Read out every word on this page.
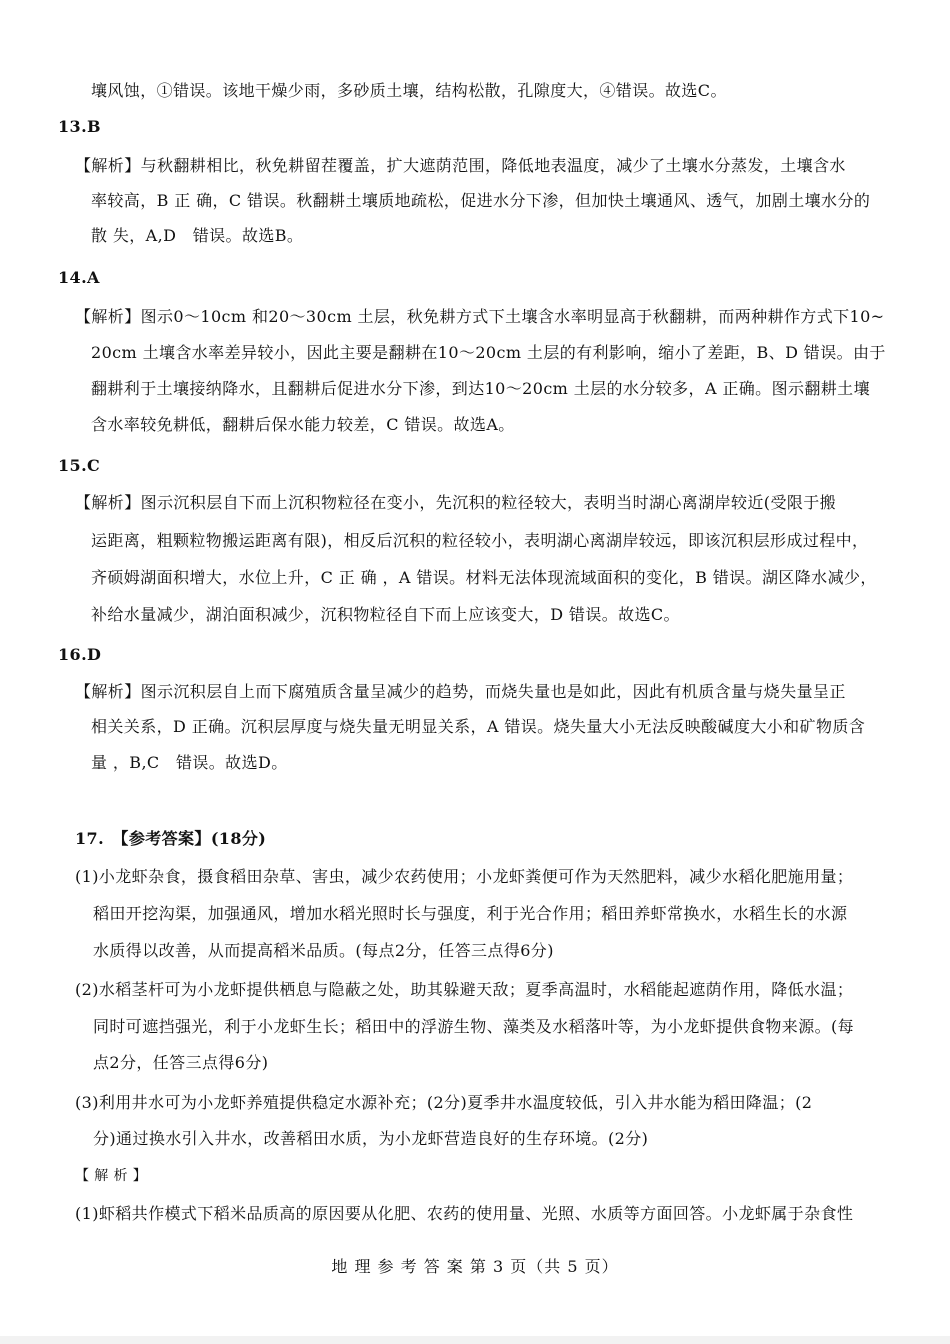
壤风蚀，①错误。该地干燥少雨，多砂质土壤，结构松散，孔隙度大，④错误。故选C。
13.B
【解析】与秋翻耕相比，秋免耕留茬覆盖，扩大遮荫范围，降低地表温度，减少了土壤水分蒸发，土壤含水
率较高，B 正 确，C 错误。秋翻耕土壤质地疏松，促进水分下渗，但加快土壤通风、透气，加剧土壤水分的
散 失，A,D　错误。故选B。
14.A
【解析】图示0～10cm 和20～30cm 土层，秋免耕方式下土壤含水率明显高于秋翻耕，而两种耕作方式下10~
20cm 土壤含水率差异较小，因此主要是翻耕在10～20cm 土层的有利影响，缩小了差距，B、D 错误。由于
翻耕利于土壤接纳降水，且翻耕后促进水分下渗，到达10～20cm 土层的水分较多，A 正确。图示翻耕土壤
含水率较免耕低，翻耕后保水能力较差，C 错误。故选A。
15.C
【解析】图示沉积层自下而上沉积物粒径在变小，先沉积的粒径较大，表明当时湖心离湖岸较近(受限于搬
运距离，粗颗粒物搬运距离有限)，相反后沉积的粒径较小，表明湖心离湖岸较远，即该沉积层形成过程中，
齐硕姆湖面积增大，水位上升，C 正 确 ，A 错误。材料无法体现流域面积的变化，B 错误。湖区降水减少，
补给水量减少，湖泊面积减少，沉积物粒径自下而上应该变大，D 错误。故选C。
16.D
【解析】图示沉积层自上而下腐殖质含量呈减少的趋势，而烧失量也是如此，因此有机质含量与烧失量呈正
相关关系，D 正确。沉积层厚度与烧失量无明显关系，A 错误。烧失量大小无法反映酸碱度大小和矿物质含
量 ，B,C　错误。故选D。
17.　【参考答案】(18分)
(1)小龙虾杂食，摄食稻田杂草、害虫，减少农药使用；小龙虾粪便可作为天然肥料，减少水稻化肥施用量；
稻田开挖沟渠，加强通风，增加水稻光照时长与强度，利于光合作用；稻田养虾常换水，水稻生长的水源
水质得以改善，从而提高稻米品质。(每点2分，任答三点得6分)
(2)水稻茎杆可为小龙虾提供栖息与隐蔽之处，助其躲避天敌；夏季高温时，水稻能起遮荫作用，降低水温；
同时可遮挡强光，利于小龙虾生长；稻田中的浮游生物、藻类及水稻落叶等，为小龙虾提供食物来源。(每
点2分，任答三点得6分)
(3)利用井水可为小龙虾养殖提供稳定水源补充；(2分)夏季井水温度较低，引入井水能为稻田降温；(2
分)通过换水引入井水，改善稻田水质，为小龙虾营造良好的生存环境。(2分)
【 解 析 】
(1)虾稻共作模式下稻米品质高的原因要从化肥、农药的使用量、光照、水质等方面回答。小龙虾属于杂食性
地 理 参 考 答 案 第 3 页（共 5 页）
